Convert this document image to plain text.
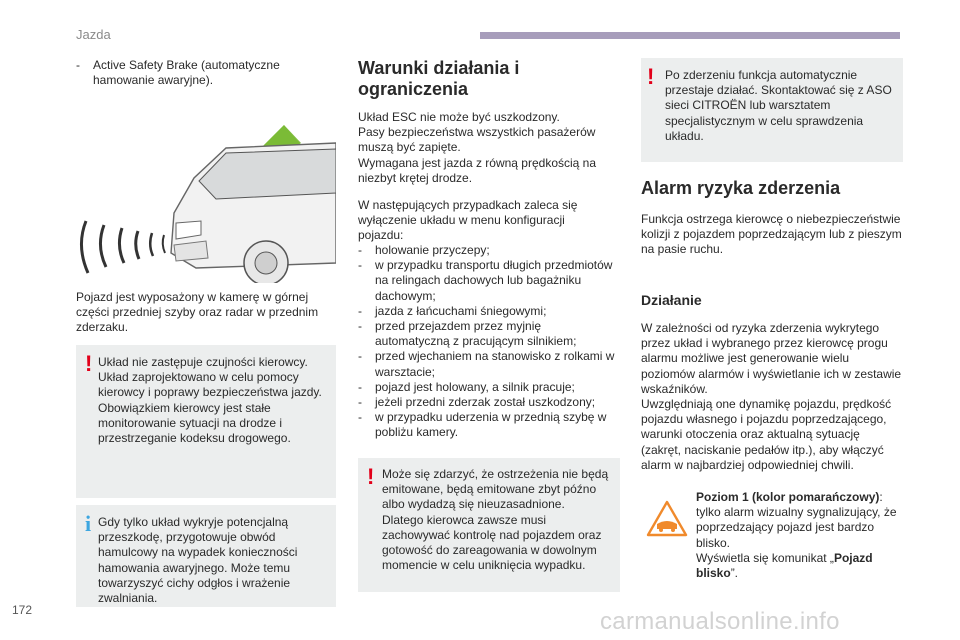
Jazda
- Active Safety Brake (automatyczne hamowanie awaryjne).
Pojazd jest wyposażony w kamerę w górnej części przedniej szyby oraz radar w przednim zderzaku.
! Układ nie zastępuje czujności kierowcy. Układ zaprojektowano w celu pomocy kierowcy i poprawy bezpieczeństwa jazdy. Obowiązkiem kierowcy jest stałe monitorowanie sytuacji na drodze i przestrzeganie kodeksu drogowego.
i Gdy tylko układ wykryje potencjalną przeszkodę, przygotowuje obwód hamulcowy na wypadek konieczności hamowania awaryjnego. Może temu towarzyszyć cichy odgłos i wrażenie zwalniania.
Warunki działania i ograniczenia
Układ ESC nie może być uszkodzony.
Pasy bezpieczeństwa wszystkich pasażerów muszą być zapięte.
Wymagana jest jazda z równą prędkością na niezbyt krętej drodze.
W następujących przypadkach zaleca się wyłączenie układu w menu konfiguracji pojazdu:
- holowanie przyczepy;
- w przypadku transportu długich przedmiotów na relingach dachowych lub bagażniku dachowym;
- jazda z łańcuchami śniegowymi;
- przed przejazdem przez myjnię automatyczną z pracującym silnikiem;
- przed wjechaniem na stanowisko z rolkami w warsztacie;
- pojazd jest holowany, a silnik pracuje;
- jeżeli przedni zderzak został uszkodzony;
- w przypadku uderzenia w przednią szybę w pobliżu kamery.
! Może się zdarzyć, że ostrzeżenia nie będą emitowane, będą emitowane zbyt późno albo wydadzą się nieuzasadnione.
Dlatego kierowca zawsze musi zachowywać kontrolę nad pojazdem oraz gotowość do zareagowania w dowolnym momencie w celu uniknięcia wypadku.
! Po zderzeniu funkcja automatycznie przestaje działać. Skontaktować się z ASO sieci CITROËN lub warsztatem specjalistycznym w celu sprawdzenia układu.
Alarm ryzyka zderzenia
Funkcja ostrzega kierowcę o niebezpieczeństwie kolizji z pojazdem poprzedzającym lub z pieszym na pasie ruchu.
Działanie
W zależności od ryzyka zderzenia wykrytego przez układ i wybranego przez kierowcę progu alarmu możliwe jest generowanie wielu poziomów alarmów i wyświetlanie ich w zestawie wskaźników.
Uwzględniają one dynamikę pojazdu, prędkość pojazdu własnego i pojazdu poprzedzającego, warunki otoczenia oraz aktualną sytuację (zakręt, naciskanie pedałów itp.), aby włączyć alarm w najbardziej odpowiedniej chwili.
Poziom 1 (kolor pomarańczowy):
tylko alarm wizualny sygnalizujący, że poprzedzający pojazd jest bardzo blisko.
Wyświetla się komunikat „Pojazd blisko”.
172	carmanualsonline.info
